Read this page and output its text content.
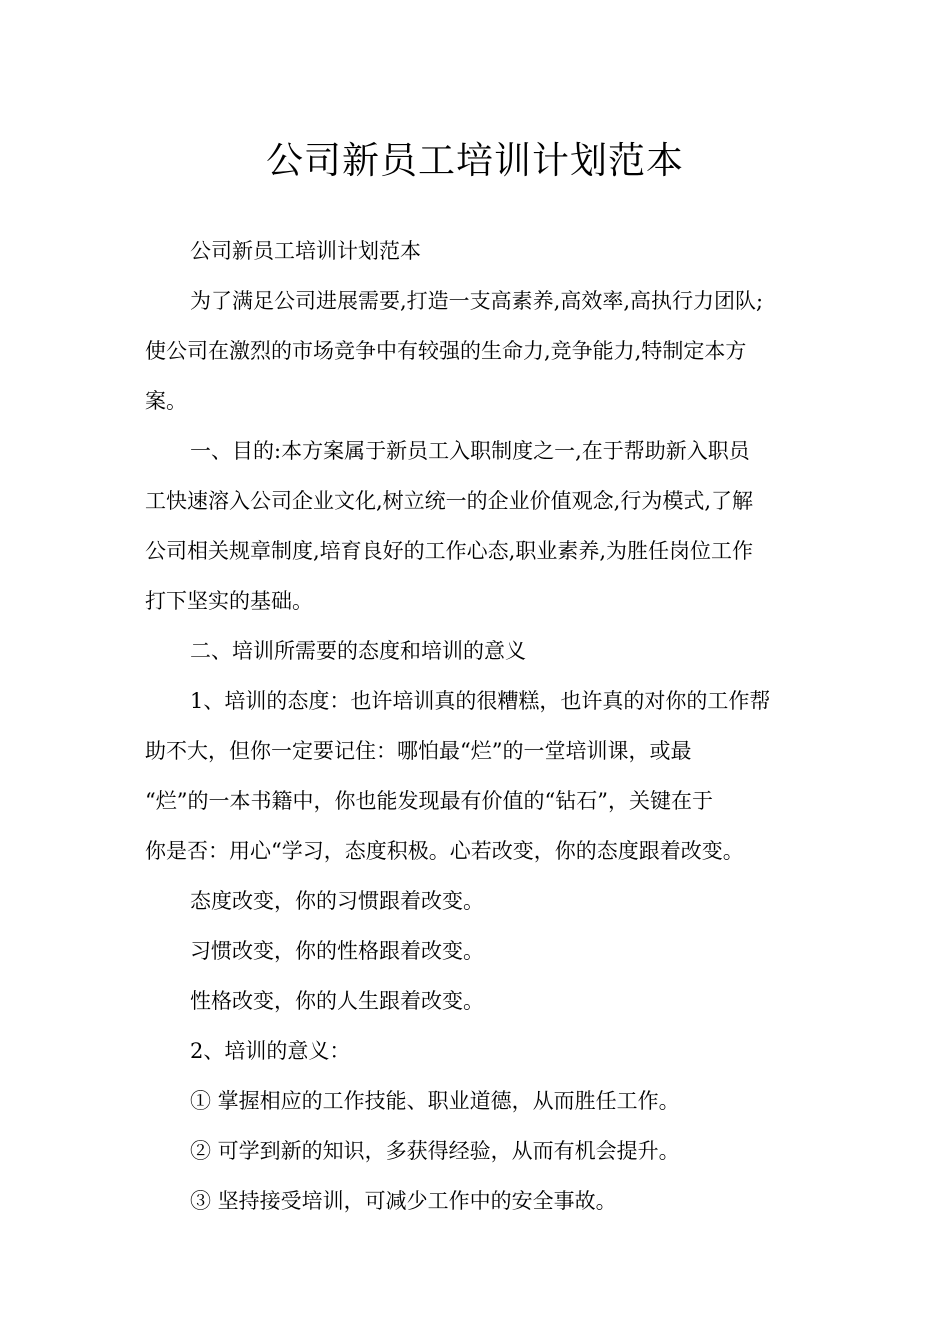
公司新员工培训计划范本

公司新员工培训计划范本

为了满足公司进展需要,打造一支高素养,高效率,高执行力团队;

使公司在激烈的市场竞争中有较强的生命力,竞争能力,特制定本方

案。

一、目的:本方案属于新员工入职制度之一,在于帮助新入职员

工快速溶入公司企业文化,树立统一的企业价值观念,行为模式,了解

公司相关规章制度,培育良好的工作心态,职业素养,为胜任岗位工作

打下坚实的基础。

二、培训所需要的态度和培训的意义

1、培训的态度：也许培训真的很糟糕，也许真的对你的工作帮

助不大，但你一定要记住：哪怕最“烂”的一堂培训课，或最

“烂”的一本书籍中，你也能发现最有价值的“钻石”，关键在于

你是否：用心“学习，态度积极。心若改变，你的态度跟着改变。

态度改变，你的习惯跟着改变。

习惯改变，你的性格跟着改变。

性格改变，你的人生跟着改变。

2、培训的意义：

① 掌握相应的工作技能、职业道德，从而胜任工作。

② 可学到新的知识，多获得经验，从而有机会提升。

③ 坚持接受培训，可减少工作中的安全事故。
